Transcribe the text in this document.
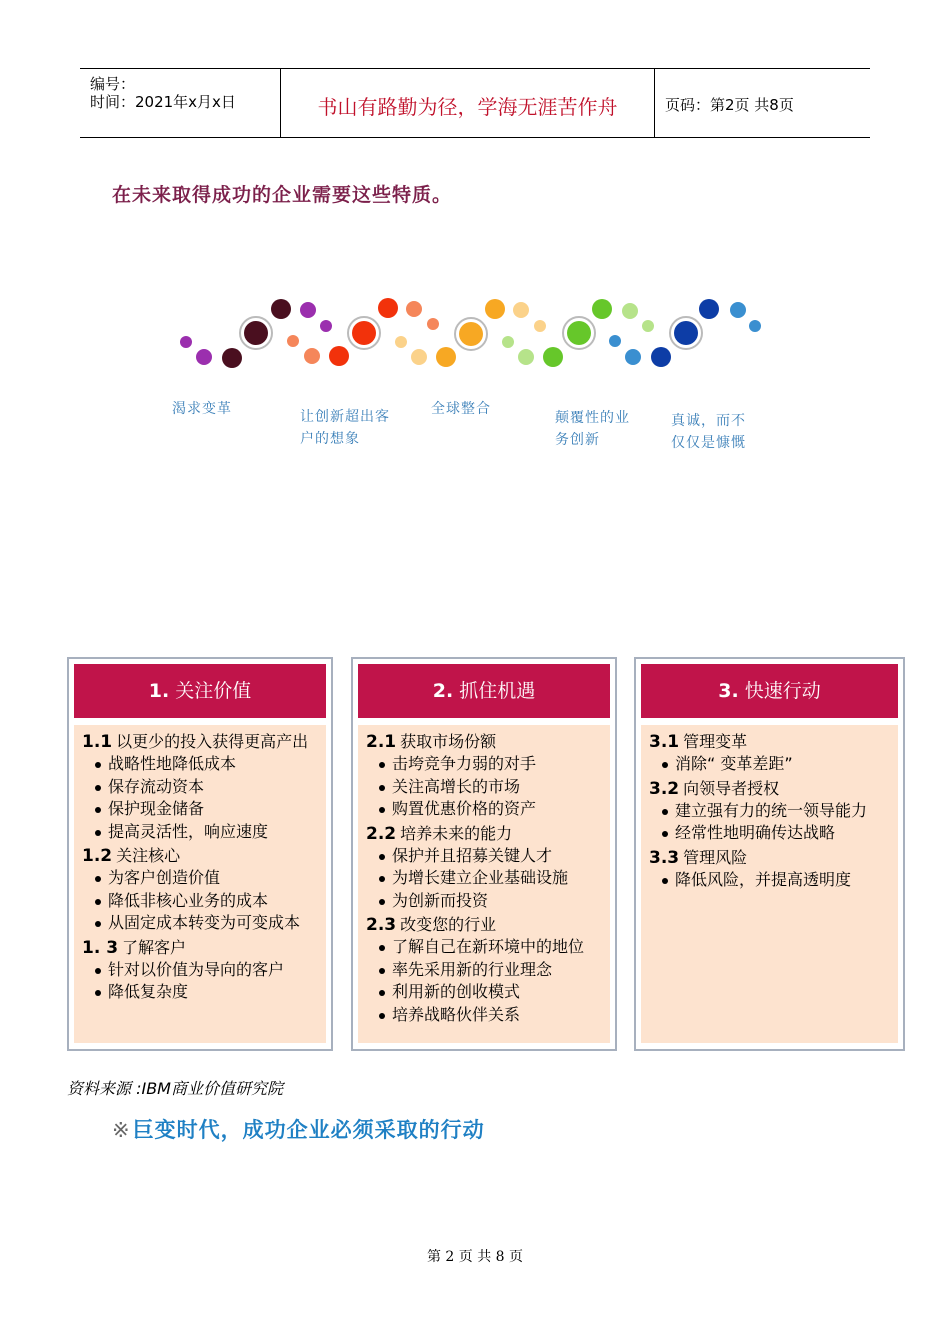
编号：
时间：2021年x月x日	书山有路勤为径，学海无涯苦作舟	页码：第2页 共8页
在未来取得成功的企业需要这些特质。
渴求变革	让创新超出客
户的想象
全球整合
颠覆性的业
务创新
真诚，而不
仅仅是慷慨
1. 关注价值
1.1 以更少的投入获得更高产出
战略性地降低成本
保存流动资本
保护现金储备
提高灵活性，响应速度
1.2 关注核心
为客户创造价值
降低非核心业务的成本
从固定成本转变为可变成本
1. 3 了解客户
针对以价值为导向的客户
降低复杂度
2. 抓住机遇
2.1 获取市场份额
击垮竞争力弱的对手
关注高增长的市场
购置优惠价格的资产
2.2 培养未来的能力
保护并且招募关键人才
为增长建立企业基础设施
为创新而投资
2.3 改变您的行业
了解自己在新环境中的地位
率先采用新的行业理念
利用新的创收模式
培养战略伙伴关系
3. 快速行动
3.1 管理变革
消除“ 变革差距”
3.2 向领导者授权
建立强有力的统一领导能力
经常性地明确传达战略
3.3 管理风险
降低风险，并提高透明度
资料来源 :IBM商业价值研究院
※巨变时代，成功企业必须采取的行动
第 2 页 共 8 页
